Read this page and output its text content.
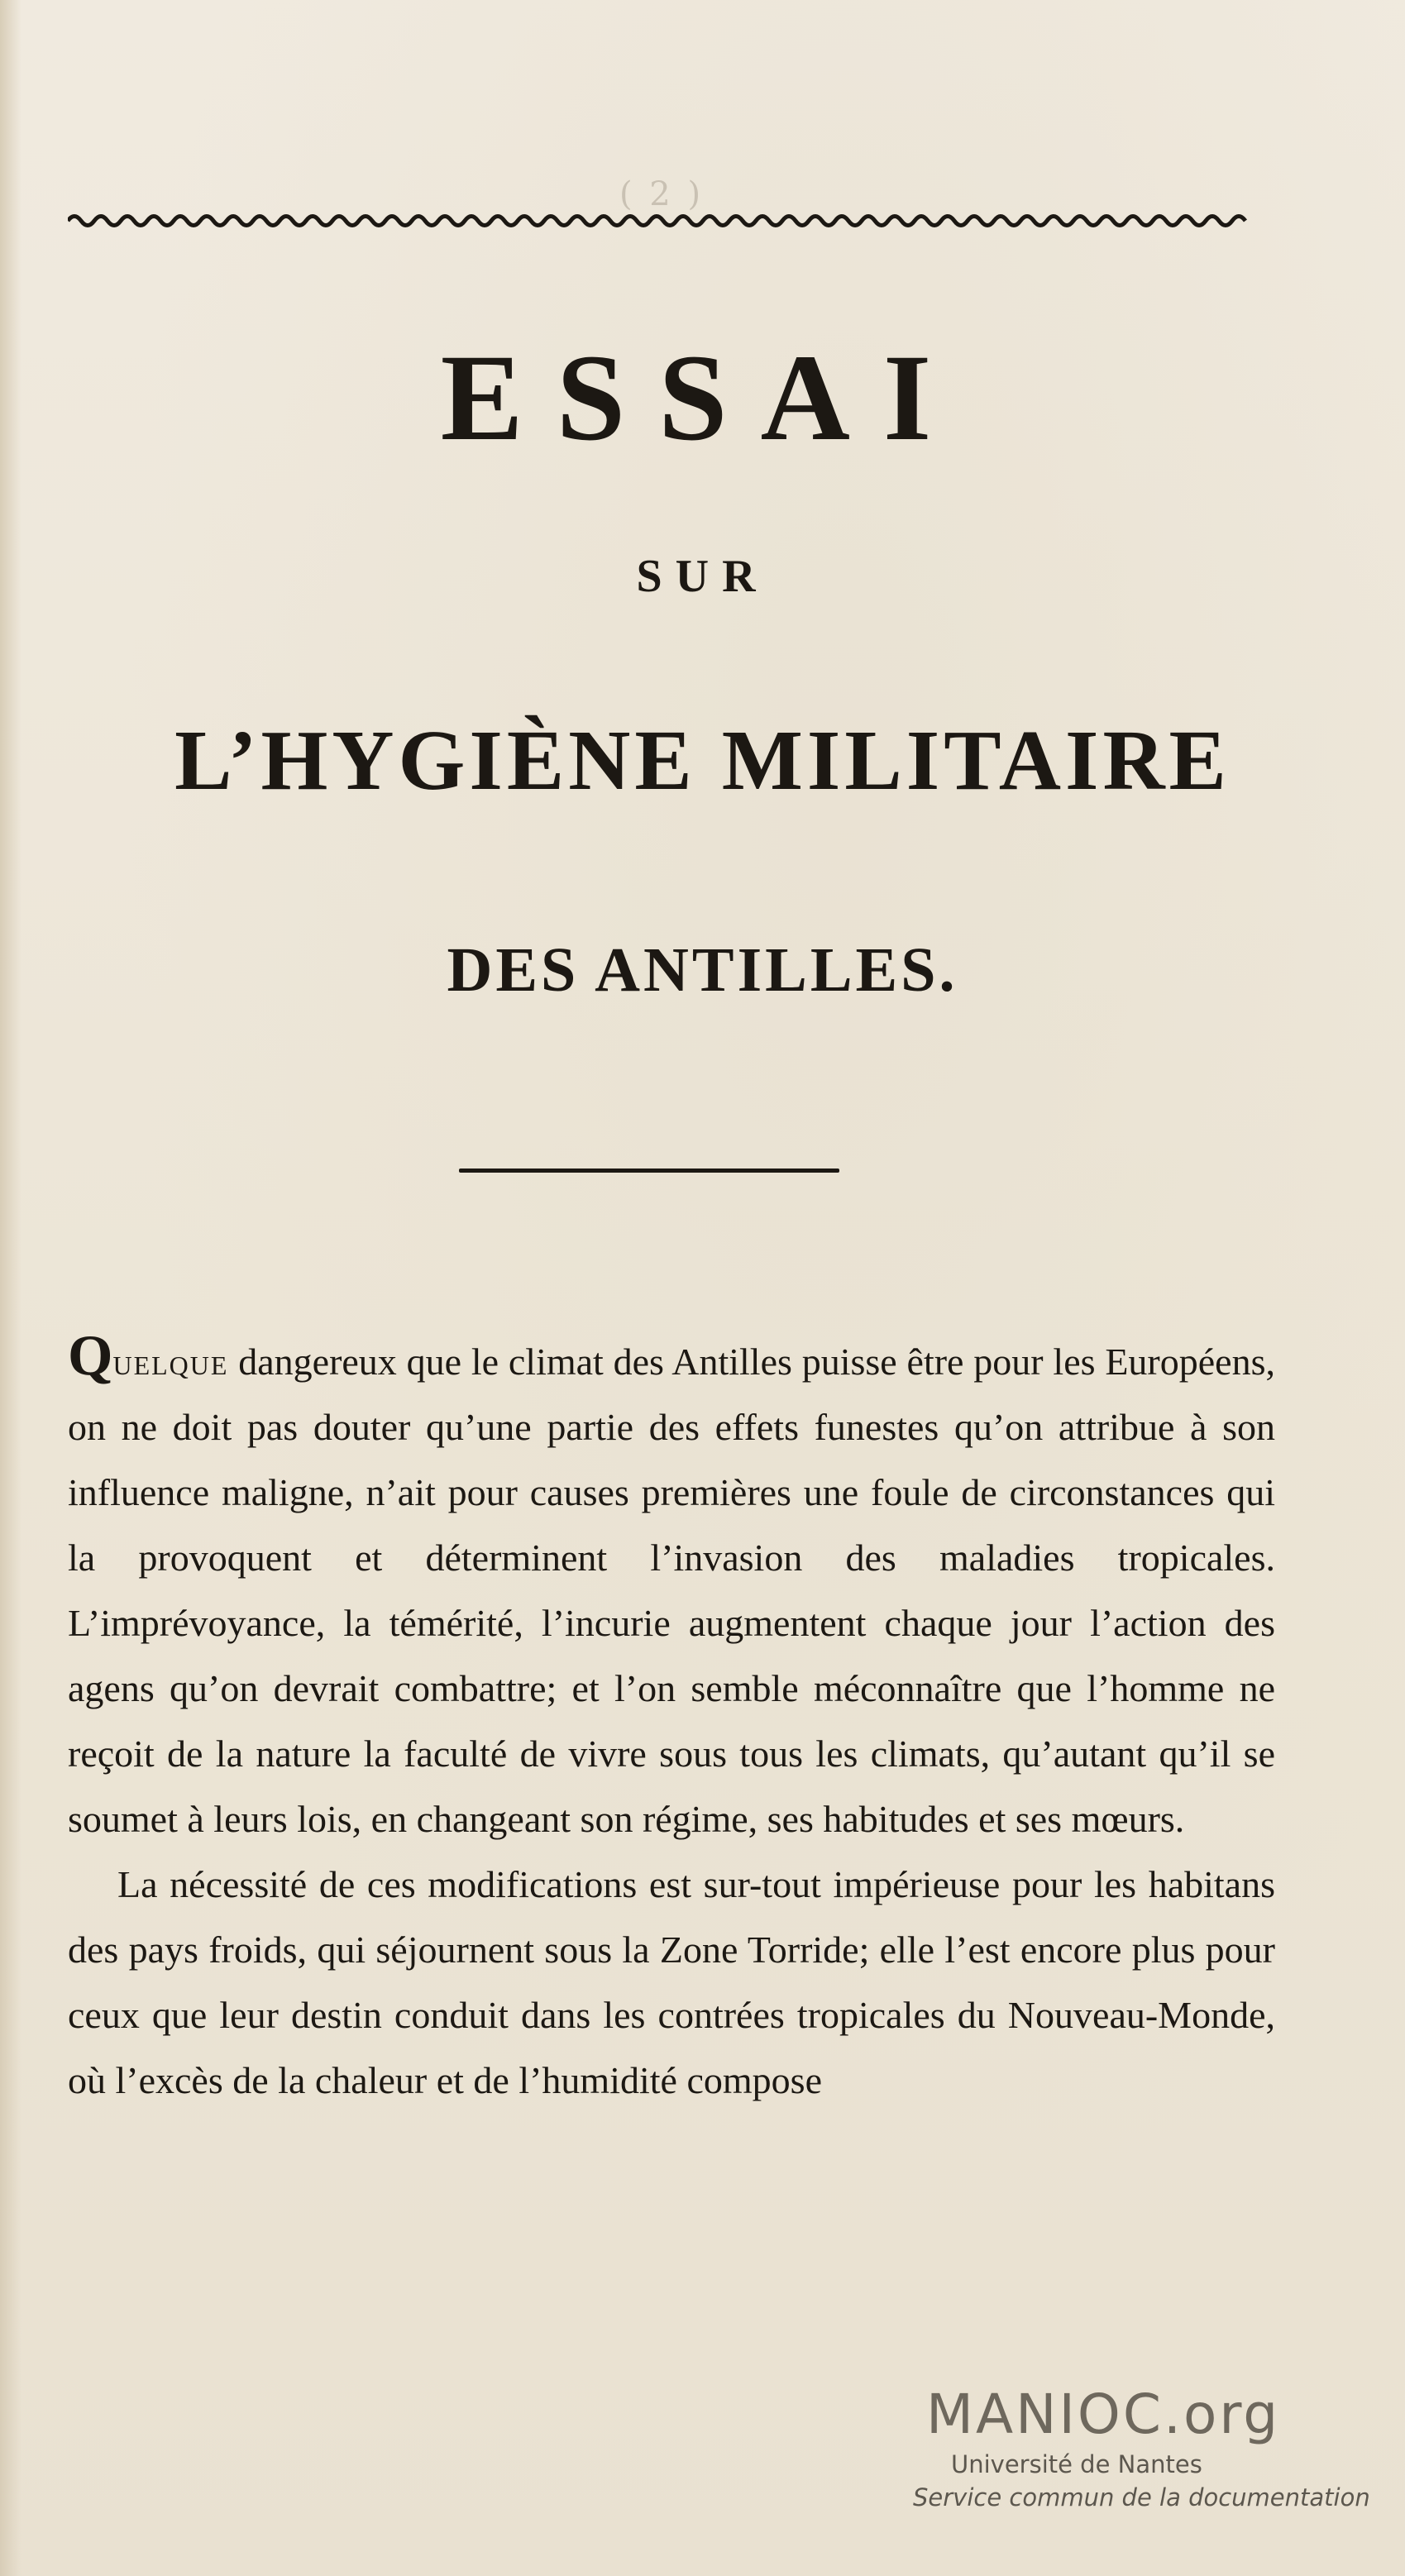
( 2 )
ESSAI
SUR
L’HYGIÈNE MILITAIRE
DES ANTILLES.

Quelque dangereux que le climat des Antilles puisse être pour les Européens, on ne doit pas douter qu’une partie des effets funestes qu’on attribue à son influence maligne, n’ait pour causes premières une foule de circonstances qui la provoquent et déterminent l’invasion des maladies tropicales. L’imprévoyance, la témérité, l’incurie augmentent chaque jour l’action des agens qu’on devrait combattre; et l’on semble méconnaître que l’homme ne reçoit de la nature la faculté de vivre sous tous les climats, qu’autant qu’il se soumet à leurs lois, en changeant son régime, ses habitudes et ses mœurs.

La nécessité de ces modifications est sur-tout impérieuse pour les habitans des pays froids, qui séjournent sous la Zone Torride; elle l’est encore plus pour ceux que leur destin conduit dans les contrées tropicales du Nouveau-Monde, où l’excès de la chaleur et de l’humidité compose

MANIOC.org
Université de Nantes
Service commun de la documentation
